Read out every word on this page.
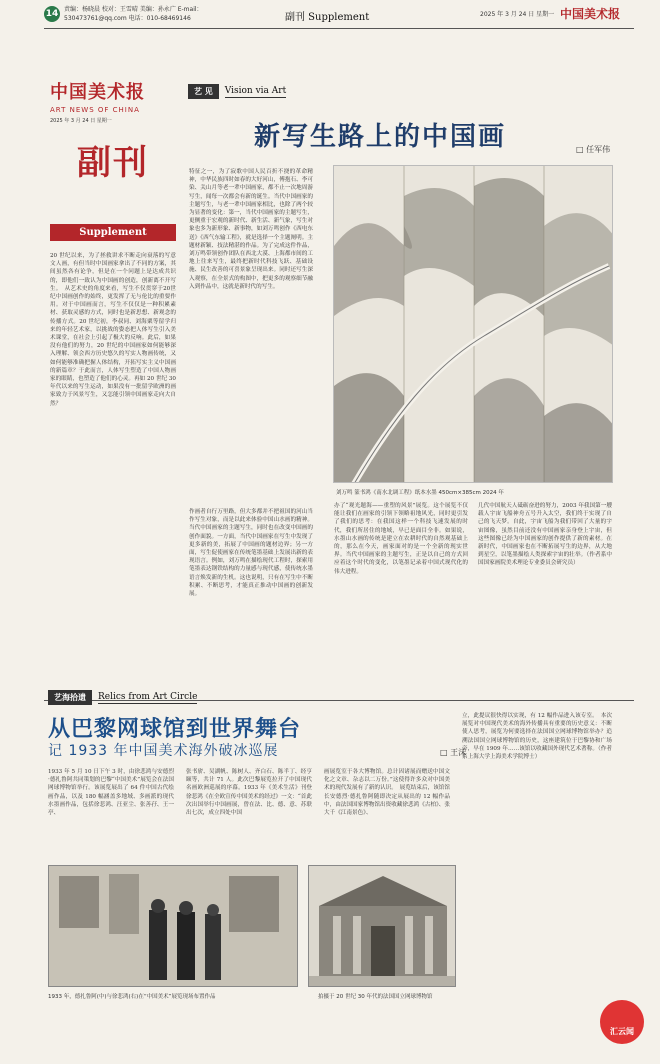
14 责编：杨晓晨 校对：王雪晴 美编：孙永广 E-mail：530473761@qq.com 电话：010-68469146	副刊 Supplement	2025 年 3 月 24 日 星期一 中国美术报
中国美术报
ART NEWS OF CHINA
2025 年 3 月 24 日 星期一
副刊
Supplement
艺 见	Vision via Art
新写生路上的中国画	□ 任军伟
20 世纪以来，为了拯救讲求不断走向衰落的写意文人画，有但当时中国画家拿出了不同的方案，其间虽然各有论争，但是在一个问题上是达成共识的，即他们一致认为中国画的创造，创新离不开写生。　从艺术史的角度来看，写生不仅贯穿于20世纪中国画创作的始终，更发挥了无与伦比的重要作用。对于中国画而言，写生不仅仅是一种积累素材、获取灵感的方式，同时也是新思想、新观念的传播方式。20 世纪初，李叔同、刘海粟等留学归来的年轻艺术家，以挑战的姿态把人体写生引入美术课堂，在社会上引起了极大的反响。此后，如果没有他们的努力，20 世纪的中国画家如何能够深入理解、领会西方历史悠久的写实人物画传统，又如何能够准确把握人体结构，开拓写实主义中国画的新篇章？于此而言，人体写生塑造了中国人物画家的眼睛，也塑造了他们的心灵。再如 20 世纪 30 年代以来的写生运动，如果没有一批留学欧洲的画家致力于风景写生，又怎能引领中国画家走向大自然？
特征之一，为了寂歌中国人民百折不挠的革命精神，中华民族四时如春的大好河山，傅抱石、李可染、关山月等老一辈中国画家，都不止一次地周游写生，闻每一次都会有新的诞生。当代中国画家的主题写生，与老一辈中国画家相比，也除了两个较为显著的变化：第一，当代中国画家的主题写生，更侧重于宏观的新时代、新生活、新气象，写生对象也多为新形象、新事物，如刘万鸣创作《西电东送》《西气东输工程》，就是选择一个主题阐明。主题材新颖、技法精湛的作品。为了完成这件作品，刘万鸣带领创作团队在西北大漠、上海都市间的工地上往来写生，最终把新时代科技飞跃、基础设施、民生改善的可喜景象呈现出来。同时还写生深入观察，在全景式的构图中，把更多的观察细节融入到作品中，这就是新时代的写生。
作画者自行万里路，但大多都并不把祖国的河山当作写生对象，而是以此来体验中国山水画的精神。当代中国画家的主题写生，同时也在改变中国画的创作面貌。一方面，当代中国画家在写生中发现了更多新的美，拓展了中国画的题材边界；另一方面，写生促使画家在传统笔墨基础上发展出新的表现语言。例如，刘万鸣在描绘现代工程时，探索用笔墨表达钢铁结构的力量感与现代感，使传统水墨语言焕发新的生机。这也说明，只有在写生中不断积累、不断思考，才能真正推动中国画的创新发展。
刘万鸣 篆书鸿《南水北调工程》纸本水墨 450cm×385cm 2024 年
办了“观光题海——重塑的风景”展览。这个展览不仅能让我们在画家的引领下领略祖地风光，同时更引发了我们的思考：在我国这样一个科技飞速发展的时代，我们所居住的地域，早已是面目全非。如果说，水墨山水画的传统是建立在农耕时代的自然观基础上的，那么在今天，画家面对的是一个全新的现实世界。当代中国画家的主题写生，正是以自己的方式回应着这个时代的变化，以笔墨记录着中国式现代化的伟大进程。
几代中国航天人砥砺奋进的努力，2003 年我国第一艘载人宇宙飞船神舟五号升入太空，我们终于实现了自己的飞天梦。自此，宇宙飞船为我们带回了大量的宇宙图像，虽然目前还没有中国画家亲身登上宇宙，但这些图像已经为中国画家的创作提供了新的素材。在新时代，中国画家也在不断拓展写生的边界，从大地到星空，以笔墨描绘人类探索宇宙的壮举。（作者系中国国家画院美术理论专业委员会研究员）
艺海拾遗	Relics from Art Circle
从巴黎网球馆到世界舞台
记 1933 年中国美术海外破冰巡展	□ 王沫
1933 年 5 月 10 日下午 3 时，由徐悲鸿与安德烈·德扎鲁阿共同策划的巴黎“中国美术”展览会在法国网球博物馆举行。该展览展出了 64 件中国古代绘画作品，以及 180 幅涵盖多地域、多画派的现代水墨画作品，包括徐悲鸿、汪亚尘、张善孖、王一亭、
张书旂、吴湖帆、陈树人、齐白石、陈半丁、经亨颐等，共计 71 人。此次巴黎展览拉开了中国现代名画欧洲巡展的序幕。1933 年《美术生活》刊登徐悲鸿《在全欧宣传中国美术的经过》一文：“首此次出国举行中国画展，曾在法、比、德、意、苏联出七次，成立四处中国
画展览室于各大博物馆。总计因诸展而赠送中国文化之文章、杂志以二万份。”这使得许多众对中国美术的现代发展有了新的认识。　展览结束后，该馆馆长安德烈·德扎鲁阿随即决定从展出的 12 幅作品中，由法国国家博物馆出资收藏徐悲鸿《古柏》、张大千《江南景色》、
立，此提议很快得以实现，有 12 幅作品进入该专室。　本次展览对中国现代美术的海外传播具有重要的历史意义：不断使人思考，展览为何要选择在法国国立网球博物馆举办？追溯法国国立网球博物馆的历史，这座建筑位于巴黎协和广场旁，早在 1909 年……该馆以收藏国外现代艺术著称。（作者系上海大学上海美术学院博士）
1933 年，德扎鲁阿(中)与徐悲鸿(右)在“中国美术”展览现场布置作品	拍摄于 20 世纪 30 年代的法国国立网球博物馆
汇云闻
